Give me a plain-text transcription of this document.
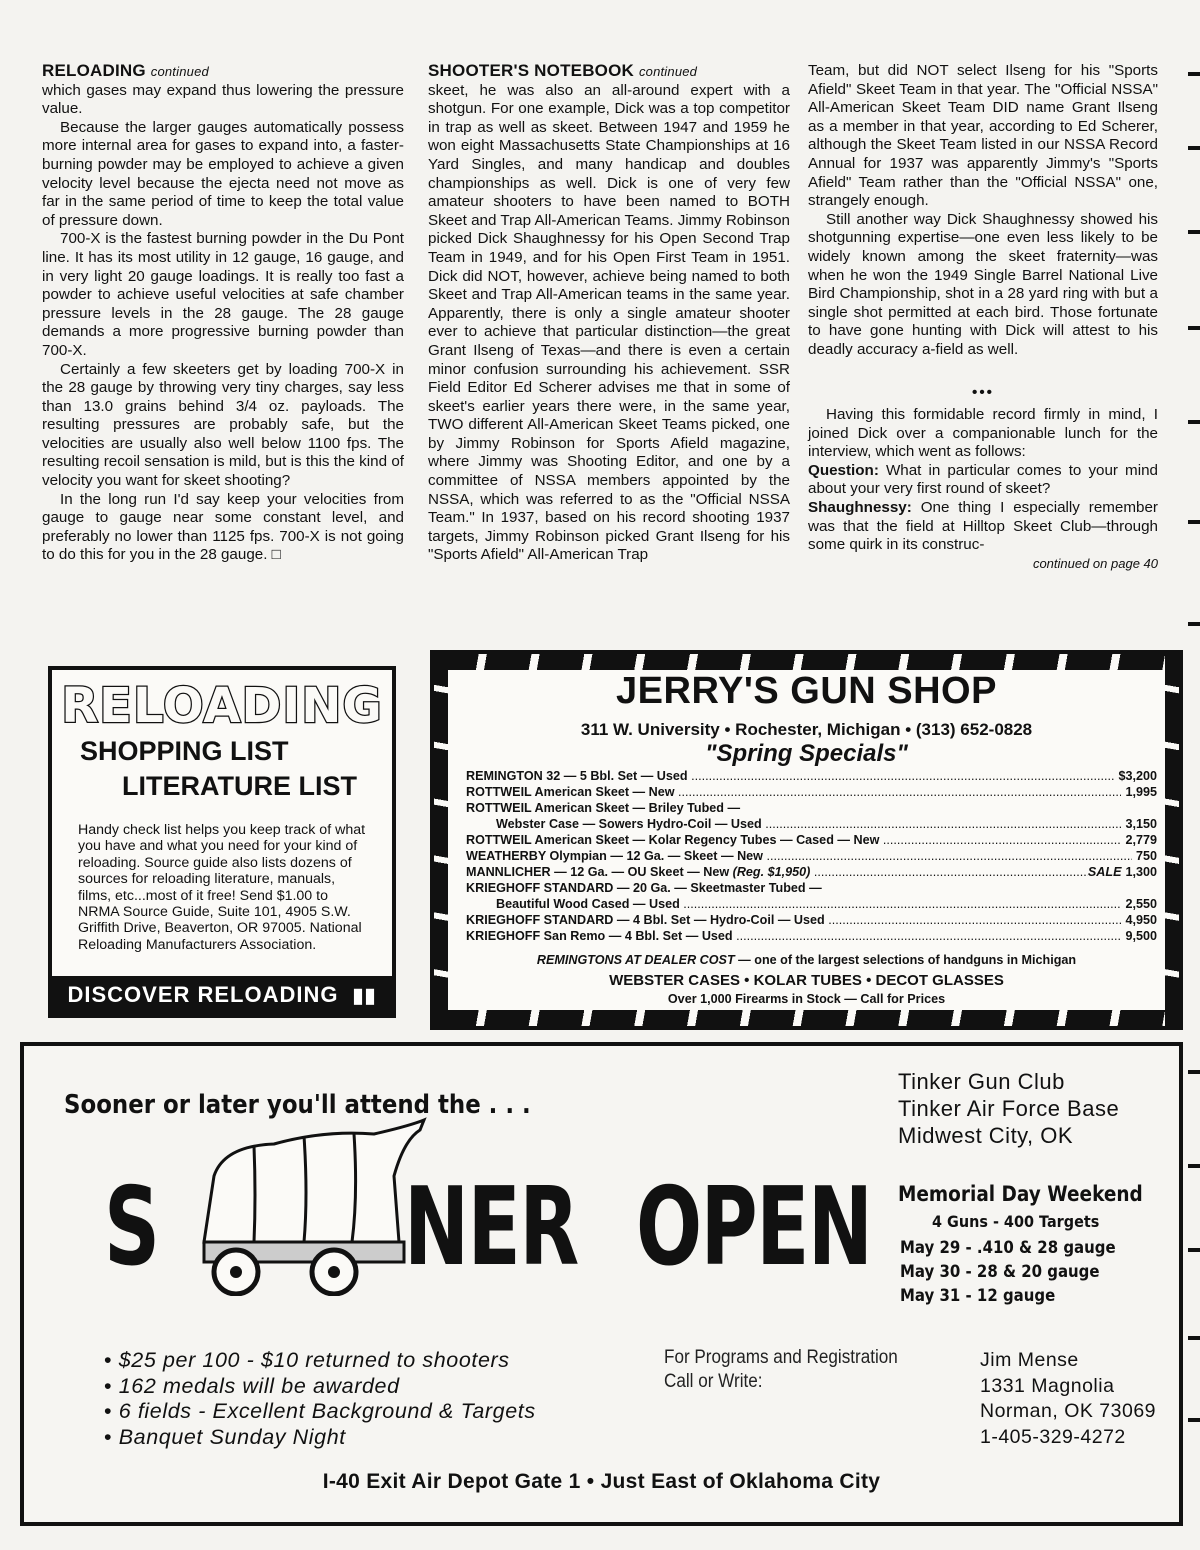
RELOADING continued

which gases may expand thus lowering the pressure value.

Because the larger gauges automatically possess more internal area for gases to expand into, a faster-burning powder may be employed to achieve a given velocity level because the ejecta need not move as far in the same period of time to keep the total value of pressure down.

700-X is the fastest burning powder in the Du Pont line. It has its most utility in 12 gauge, 16 gauge, and in very light 20 gauge loadings. It is really too fast a powder to achieve useful velocities at safe chamber pressure levels in the 28 gauge. The 28 gauge demands a more progressive burning powder than 700-X.

Certainly a few skeeters get by loading 700-X in the 28 gauge by throwing very tiny charges, say less than 13.0 grains behind 3/4 oz. payloads. The resulting pressures are probably safe, but the velocities are usually also well below 1100 fps. The resulting recoil sensation is mild, but is this the kind of velocity you want for skeet shooting?

In the long run I'd say keep your velocities from gauge to gauge near some constant level, and preferably no lower than 1125 fps. 700-X is not going to do this for you in the 28 gauge. □

SHOOTER'S NOTEBOOK continued

skeet, he was also an all-around expert with a shotgun. For one example, Dick was a top competitor in trap as well as skeet. Between 1947 and 1959 he won eight Massachusetts State Championships at 16 Yard Singles, and many handicap and doubles championships as well. Dick is one of very few amateur shooters to have been named to BOTH Skeet and Trap All-American Teams. Jimmy Robinson picked Dick Shaughnessy for his Open Second Trap Team in 1949, and for his Open First Team in 1951. Dick did NOT, however, achieve being named to both Skeet and Trap All-American teams in the same year. Apparently, there is only a single amateur shooter ever to achieve that particular distinction—the great Grant Ilseng of Texas—and there is even a certain minor confusion surrounding his achievement. SSR Field Editor Ed Scherer advises me that in some of skeet's earlier years there were, in the same year, TWO different All-American Skeet Teams picked, one by Jimmy Robinson for Sports Afield magazine, where Jimmy was Shooting Editor, and one by a committee of NSSA members appointed by the NSSA, which was referred to as the "Official NSSA Team." In 1937, based on his record shooting 1937 targets, Jimmy Robinson picked Grant Ilseng for his "Sports Afield" All-American Trap

Team, but did NOT select Ilseng for his "Sports Afield" Skeet Team in that year. The "Official NSSA" All-American Skeet Team DID name Grant Ilseng as a member in that year, according to Ed Scherer, although the Skeet Team listed in our NSSA Record Annual for 1937 was apparently Jimmy's "Sports Afield" Team rather than the "Official NSSA" one, strangely enough.

Still another way Dick Shaughnessy showed his shotgunning expertise—one even less likely to be widely known among the skeet fraternity—was when he won the 1949 Single Barrel National Live Bird Championship, shot in a 28 yard ring with but a single shot permitted at each bird. Those fortunate to have gone hunting with Dick will attest to his deadly accuracy a-field as well.

•••

Having this formidable record firmly in mind, I joined Dick over a companionable lunch for the interview, which went as follows:

Question: What in particular comes to your mind about your very first round of skeet?

Shaughnessy: One thing I especially remember was that the field at Hilltop Skeet Club—through some quirk in its construc-

continued on page 40

RELOADING
SHOPPING LIST
LITERATURE LIST
Handy check list helps you keep track of what you have and what you need for your kind of reloading. Source guide also lists dozens of sources for reloading literature, manuals, films, etc...most of it free! Send $1.00 to NRMA Source Guide, Suite 101, 4905 S.W. Griffith Drive, Beaverton, OR 97005. National Reloading Manufacturers Association.
DISCOVER RELOADING ▮▮
JERRY'S GUN SHOP
311 W. University • Rochester, Michigan • (313) 652-0828
"Spring Specials"
REMINGTON 32 — 5 Bbl. Set — Used .....	$3,200
ROTTWEIL American Skeet — New .....	1,995
ROTTWEIL American Skeet — Briley Tubed —
Webster Case — Sowers Hydro-Coil — Used .....	3,150
ROTTWEIL American Skeet — Kolar Regency Tubes — Cased — New .....	2,779
WEATHERBY Olympian — 12 Ga. — Skeet — New .....	750
MANNLICHER — 12 Ga. — OU Skeet — New (Reg. $1,950) .....	SALE 1,300
KRIEGHOFF STANDARD — 20 Ga. — Skeetmaster Tubed —
Beautiful Wood Cased — Used .....	2,550
KRIEGHOFF STANDARD — 4 Bbl. Set — Hydro-Coil — Used .....	4,950
KRIEGHOFF San Remo — 4 Bbl. Set — Used .....	9,500
REMINGTONS AT DEALER COST — one of the largest selections of handguns in Michigan
WEBSTER CASES • KOLAR TUBES • DECOT GLASSES
Over 1,000 Firearms in Stock — Call for Prices
Sooner or later you'll attend the . . .
Tinker Gun Club
Tinker Air Force Base
Midwest City, OK
S NER OPEN Memorial Day Weekend
4 Guns - 400 Targets
May 29 - .410 & 28 gauge
May 30 - 28 & 20 gauge
May 31 - 12 gauge
• $25 per 100 - $10 returned to shooters
• 162 medals will be awarded
• 6 fields - Excellent Background & Targets
• Banquet Sunday Night
For Programs and Registration
Call or Write:
Jim Mense
1331 Magnolia
Norman, OK 73069
1-405-329-4272
I-40 Exit Air Depot Gate 1 • Just East of Oklahoma City
